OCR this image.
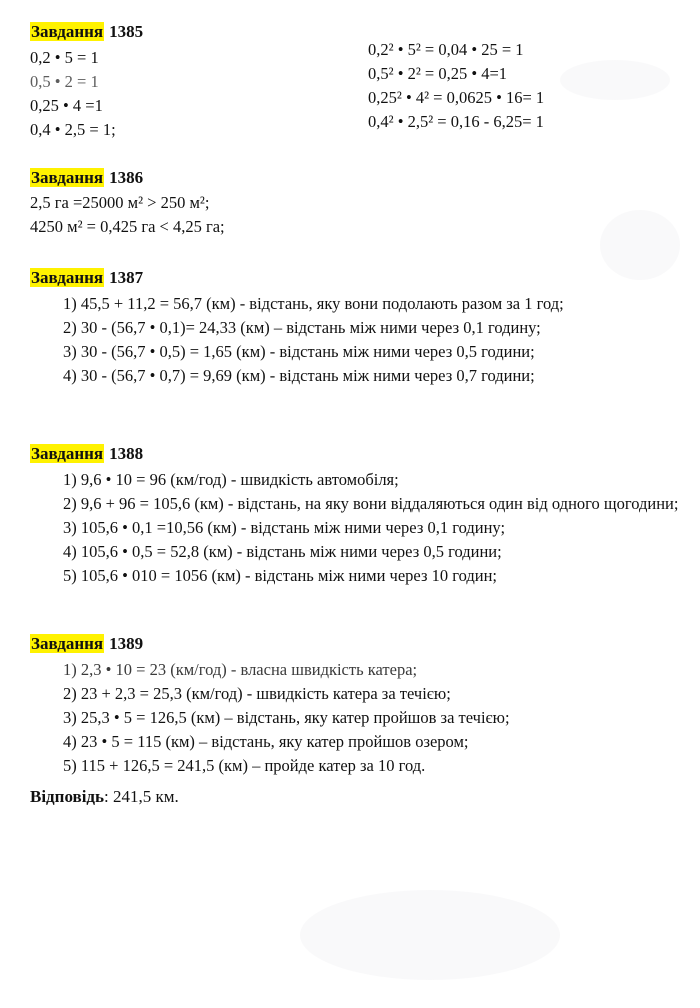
Завдання 1385
0,2 • 5 = 1
0,5 • 2 = 1
0,25 • 4 =1
0,4 • 2,5 = 1;
0,2² • 5² = 0,04 • 25 = 1
0,5² • 2² = 0,25 • 4=1
0,25² • 4² = 0,0625 • 16= 1
0,4² • 2,5² = 0,16 - 6,25= 1
Завдання 1386
2,5 га =25000 м² > 250 м²;
4250 м² = 0,425 га < 4,25 га;
Завдання 1387
1) 45,5 + 11,2 = 56,7 (км) - відстань, яку вони подолають разом за 1 год;
2) 30 - (56,7 • 0,1)= 24,33 (км) – відстань між ними через 0,1 годину;
3) 30 - (56,7 • 0,5) = 1,65 (км) - відстань між ними через 0,5 години;
4) 30 - (56,7 • 0,7) = 9,69 (км) - відстань між ними через 0,7 години;
Завдання 1388
1) 9,6 • 10 = 96 (км/год) - швидкість автомобіля;
2) 9,6 + 96 = 105,6 (км) - відстань, на яку вони віддаляються один від одного щогодини;
3) 105,6 • 0,1 =10,56 (км) - відстань між ними через 0,1 годину;
4) 105,6 • 0,5 = 52,8 (км) - відстань між ними через 0,5 години;
5) 105,6 • 010 = 1056 (км) - відстань між ними через 10 годин;
Завдання 1389
1) 2,3 • 10 = 23 (км/год) - власна швидкість катера;
2) 23 + 2,3 = 25,3 (км/год) - швидкість катера за течією;
3) 25,3 • 5 = 126,5 (км) – відстань, яку катер пройшов за течією;
4) 23 • 5 = 115 (км) – відстань, яку катер пройшов озером;
5) 115 + 126,5 = 241,5 (км) – пройде катер за 10 год.
Відповідь: 241,5 км.
